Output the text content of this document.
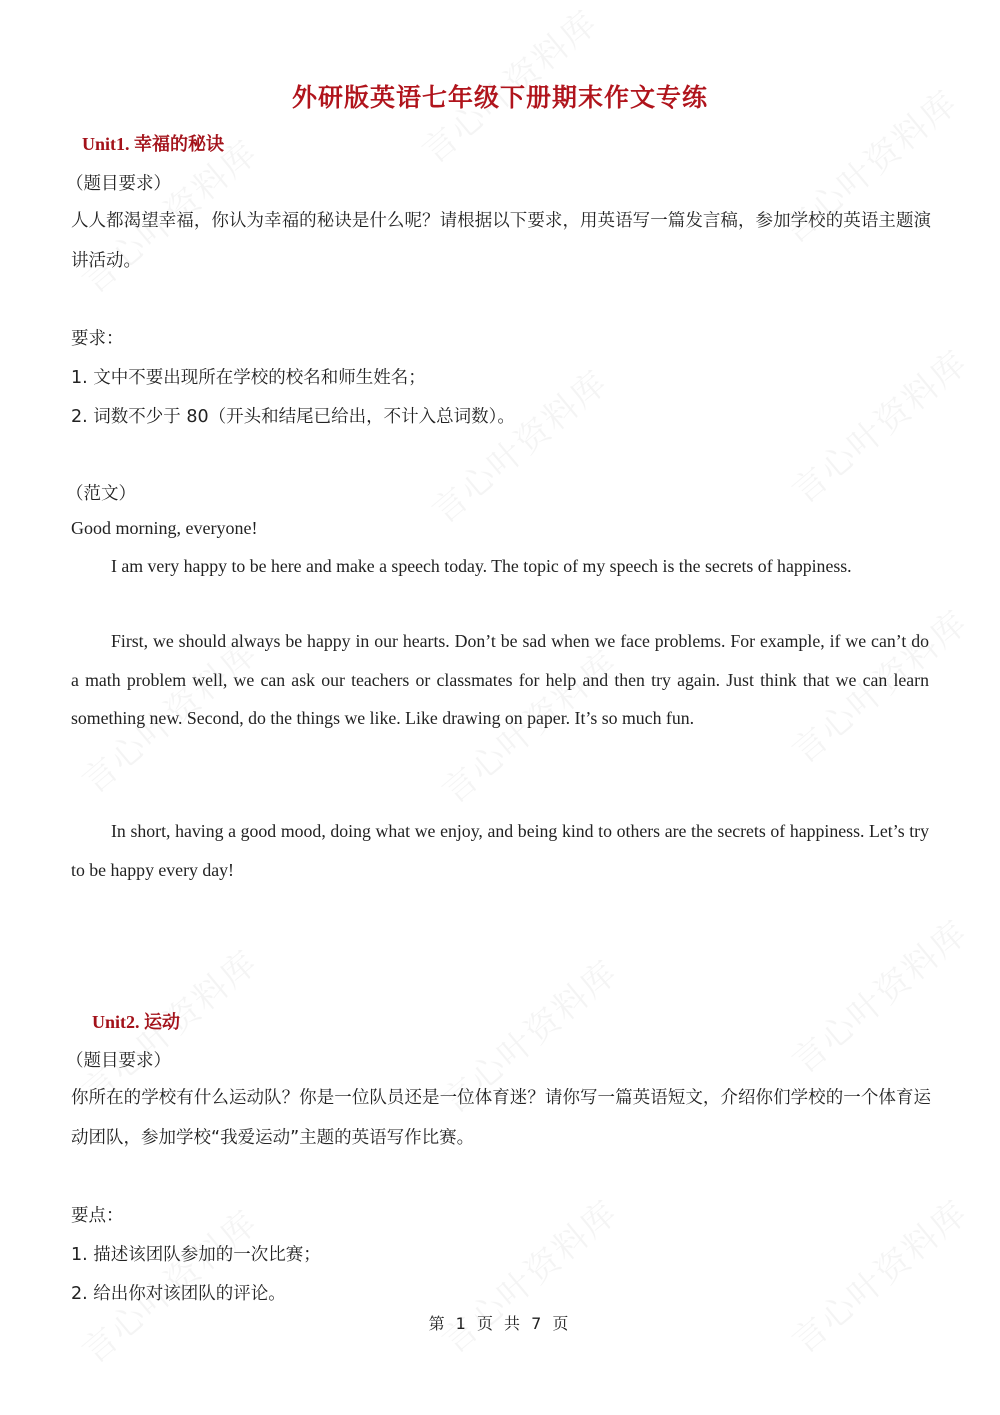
外研版英语七年级下册期末作文专练
Unit1. 幸福的秘诀
（题目要求）
人人都渴望幸福，你认为幸福的秘诀是什么呢？请根据以下要求，用英语写一篇发言稿，参加学校的英语主题演讲活动。
要求：
1. 文中不要出现所在学校的校名和师生姓名；
2. 词数不少于 80（开头和结尾已给出，不计入总词数）。
（范文）
Good morning, everyone!
I am very happy to be here and make a speech today. The topic of my speech is the secrets of happiness.
First, we should always be happy in our hearts. Don’t be sad when we face problems. For example, if we can’t do a math problem well, we can ask our teachers or classmates for help and then try again. Just think that we can learn something new. Second, do the things we like. Like drawing on paper. It’s so much fun.
In short, having a good mood, doing what we enjoy, and being kind to others are the secrets of happiness. Let’s try to be happy every day!
Unit2. 运动
（题目要求）
你所在的学校有什么运动队？你是一位队员还是一位体育迷？请你写一篇英语短文，介绍你们学校的一个体育运动团队，参加学校“我爱运动”主题的英语写作比赛。
要点：
1. 描述该团队参加的一次比赛；
2. 给出你对该团队的评论。
第 1 页 共 7 页
